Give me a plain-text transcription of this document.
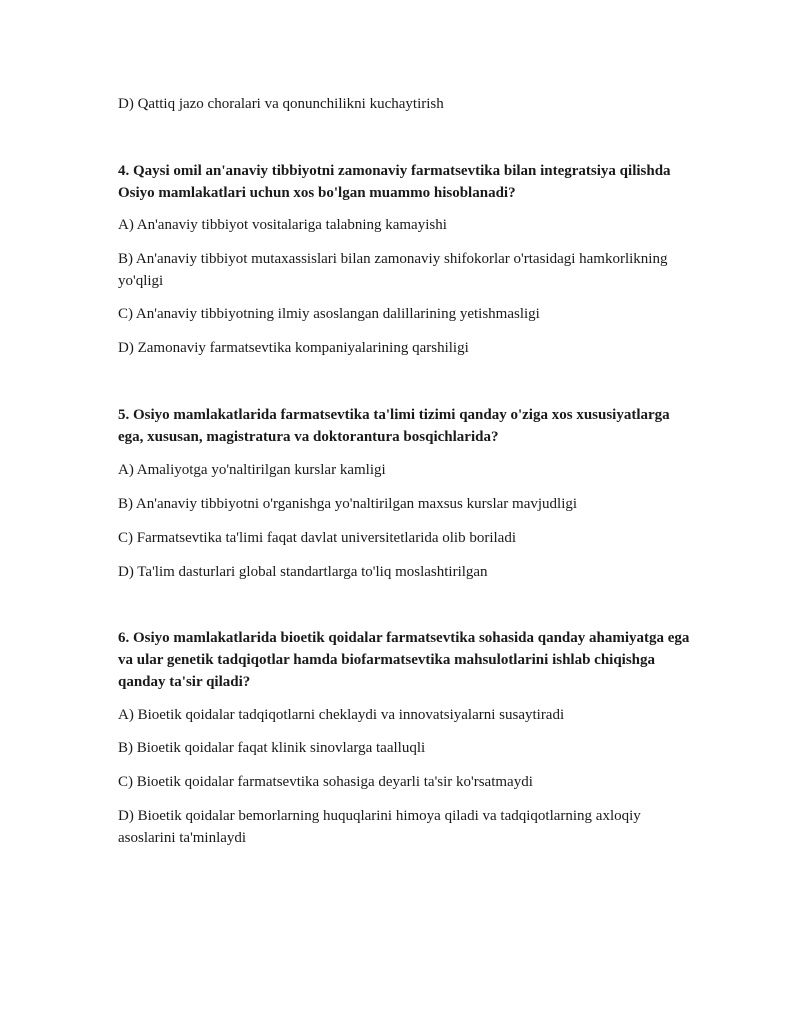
D) Qattiq jazo choralari va qonunchilikni kuchaytirish

4. Qaysi omil an'anaviy tibbiyotni zamonaviy farmatsevtika bilan integratsiya qilishda Osiyo mamlakatlari uchun xos bo'lgan muammo hisoblanadi?

A) An'anaviy tibbiyot vositalariga talabning kamayishi

B) An'anaviy tibbiyot mutaxassislari bilan zamonaviy shifokorlar o'rtasidagi hamkorlikning yo'qligi

C) An'anaviy tibbiyotning ilmiy asoslangan dalillarining yetishmasligi

D) Zamonaviy farmatsevtika kompaniyalarining qarshiligi

5. Osiyo mamlakatlarida farmatsevtika ta'limi tizimi qanday o'ziga xos xususiyatlarga ega, xususan, magistratura va doktorantura bosqichlarida?

A) Amaliyotga yo'naltirilgan kurslar kamligi

B) An'anaviy tibbiyotni o'rganishga yo'naltirilgan maxsus kurslar mavjudligi

C) Farmatsevtika ta'limi faqat davlat universitetlarida olib boriladi

D) Ta'lim dasturlari global standartlarga to'liq moslashtirilgan

6. Osiyo mamlakatlarida bioetik qoidalar farmatsevtika sohasida qanday ahamiyatga ega va ular genetik tadqiqotlar hamda biofarmatsevtika mahsulotlarini ishlab chiqishga qanday ta'sir qiladi?

A) Bioetik qoidalar tadqiqotlarni cheklaydi va innovatsiyalarni susaytiradi

B) Bioetik qoidalar faqat klinik sinovlarga taalluqli

C) Bioetik qoidalar farmatsevtika sohasiga deyarli ta'sir ko'rsatmaydi

D) Bioetik qoidalar bemorlarning huquqlarini himoya qiladi va tadqiqotlarning axloqiy asoslarini ta'minlaydi
